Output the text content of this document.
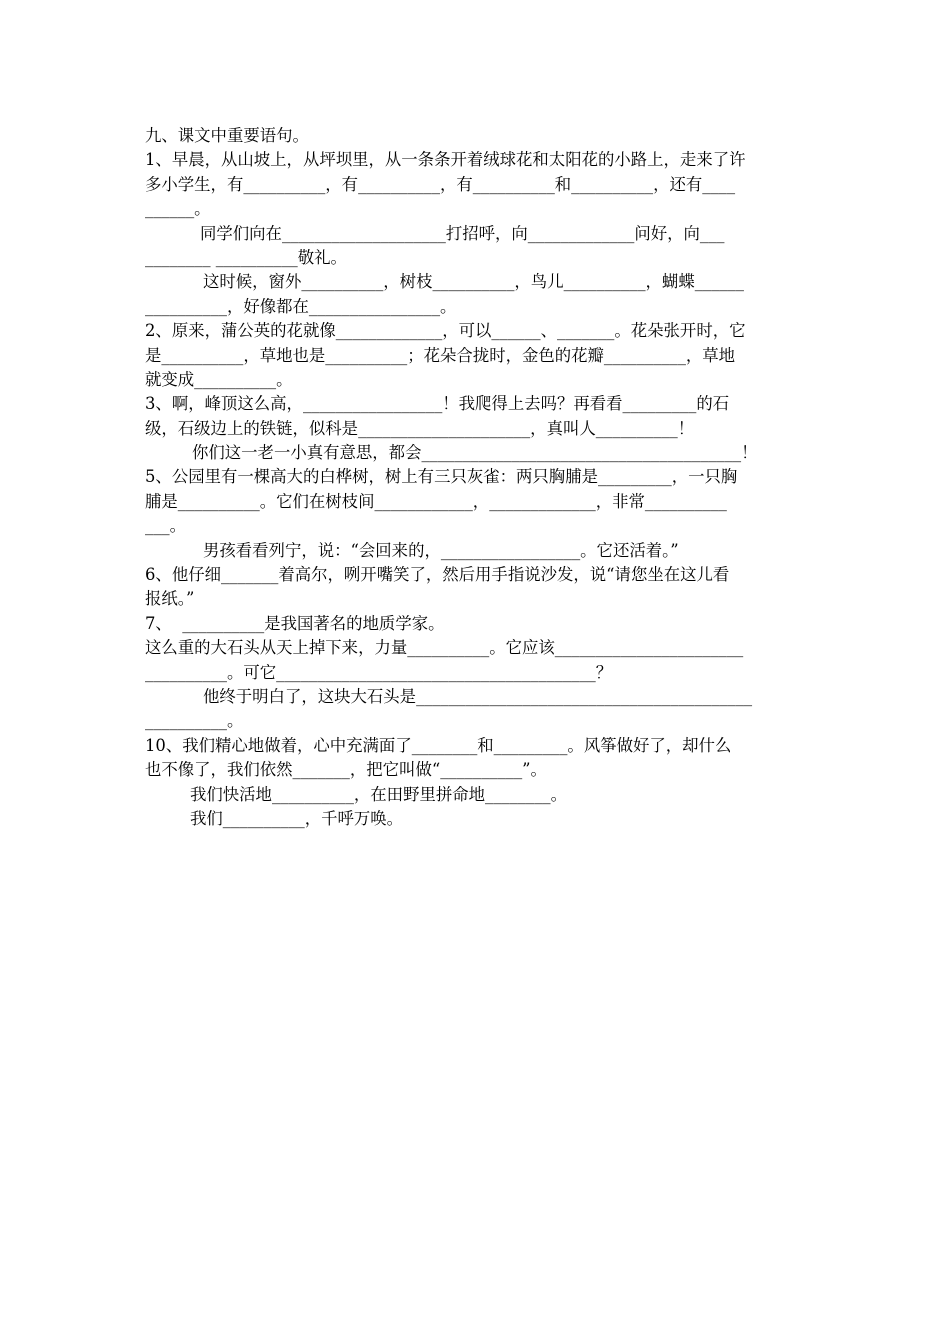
九、课文中重要语句。
1、早晨，从山坡上，从坪坝里，从一条条开着绒球花和太阳花的小路上，走来了许
多小学生，有__________，有__________，有__________和__________，还有____
______。
同学们向在____________________打招呼，向_____________问好，向___
________ __________敬礼。
这时候，窗外__________，树枝__________，鸟儿__________，蝴蝶______
__________，好像都在________________。
2、原来，蒲公英的花就像_____________，可以______、_______。花朵张开时，它
是__________，草地也是__________；花朵合拢时，金色的花瓣__________，草地
就变成__________。
3、啊，峰顶这么高，_________________！我爬得上去吗？再看看_________的石
级，石级边上的铁链，似科是_____________________，真叫人__________！
你们这一老一小真有意思，都会_______________________________________！
5、公园里有一棵高大的白桦树，树上有三只灰雀：两只胸脯是_________，一只胸
脯是__________。它们在树枝间____________，_____________，非常__________
___。
男孩看看列宁，说：“会回来的，_________________。它还活着。”
6、他仔细_______着高尔，咧开嘴笑了，然后用手指说沙发，说“请您坐在这儿看
报纸。”
7、  __________是我国著名的地质学家。
这么重的大石头从天上掉下来，力量__________。它应该_______________________
__________。可它_______________________________________？
他终于明白了，这块大石头是_________________________________________
__________。
10、我们精心地做着，心中充满面了________和_________。风筝做好了，却什么
也不像了，我们依然_______，把它叫做“__________”。
我们快活地__________，在田野里拼命地________。
我们__________，千呼万唤。
